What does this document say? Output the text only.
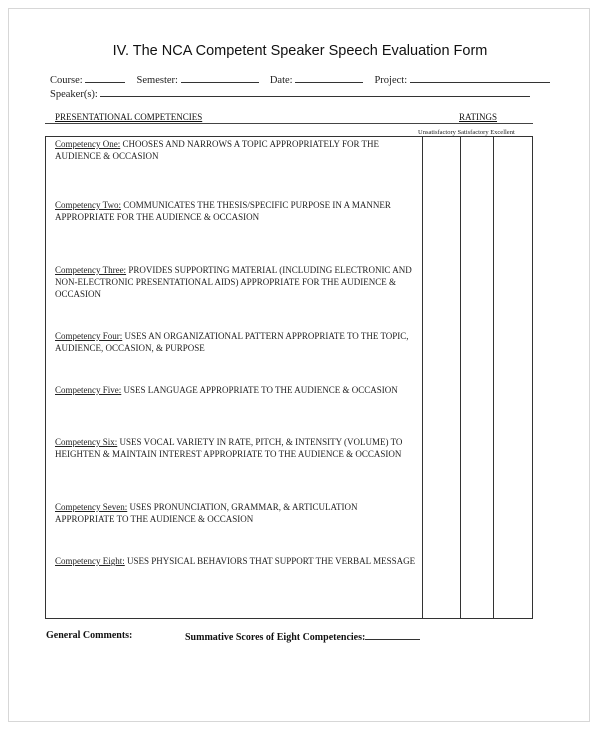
IV. The NCA Competent Speaker Speech Evaluation Form
Course:	Semester:	Date:	Project:
Speaker(s):
PRESENTATIONAL COMPETENCIES	RATINGS
Unsatisfactory Satisfactory Excellent
Competency One: CHOOSES AND NARROWS A TOPIC APPROPRIATELY FOR THE AUDIENCE & OCCASION
Competency Two: COMMUNICATES THE THESIS/SPECIFIC PURPOSE IN A MANNER APPROPRIATE FOR THE AUDIENCE & OCCASION
Competency Three: PROVIDES SUPPORTING MATERIAL (INCLUDING ELECTRONIC AND NON-ELECTRONIC PRESENTATIONAL AIDS) APPROPRIATE FOR THE AUDIENCE & OCCASION
Competency Four: USES AN ORGANIZATIONAL PATTERN APPROPRIATE TO THE TOPIC, AUDIENCE, OCCASION, & PURPOSE
Competency Five: USES LANGUAGE APPROPRIATE TO THE AUDIENCE & OCCASION
Competency Six: USES VOCAL VARIETY IN RATE, PITCH, & INTENSITY (VOLUME) TO HEIGHTEN & MAINTAIN INTEREST APPROPRIATE TO THE AUDIENCE & OCCASION
Competency Seven: USES PRONUNCIATION, GRAMMAR, & ARTICULATION APPROPRIATE TO THE AUDIENCE & OCCASION
Competency Eight: USES PHYSICAL BEHAVIORS THAT SUPPORT THE VERBAL MESSAGE
General Comments:	Summative Scores of Eight Competencies:
